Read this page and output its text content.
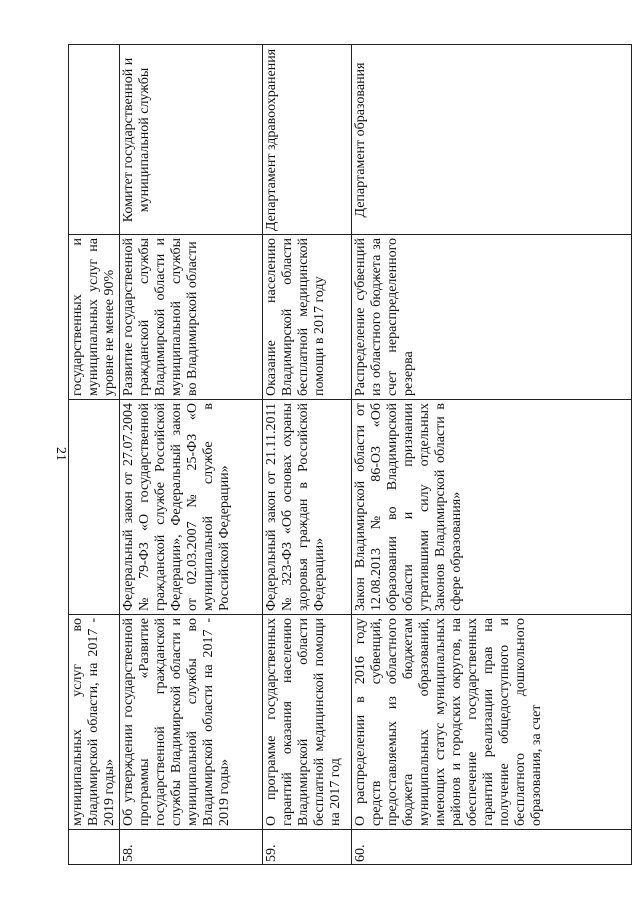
21
	муниципальных услуг во Владимирской области, на 2017 - 2019 годы»		государственных и муниципальных услуг на уровне не менее 90%	
58.	Об утверждении государственной программы «Развитие государственной гражданской службы Владимирской области и муниципальной службы во Владимирской области на 2017 - 2019 годы»	Федеральный закон от 27.07.2004 № 79-ФЗ «О государственной гражданской службе Российской Федерации», Федеральный закон от 02.03.2007 № 25-ФЗ «О муниципальной службе в Российской Федерации»	Развитие государственной гражданской службы Владимирской области и муниципальной службы во Владимирской области	Комитет государственной и муниципальной службы
59.	О программе государственных гарантий оказания населению Владимирской области бесплатной медицинской помощи на 2017 год	Федеральный закон от 21.11.2011 № 323-ФЗ «Об основах охраны здоровья граждан в Российской Федерации»	Оказание населению Владимирской области бесплатной медицинской помощи в 2017 году	Департамент здравоохранения
60.	О распределении в 2016 году средств субвенций, предоставляемых из областного бюджета бюджетам муниципальных образований, имеющих статус муниципальных районов и городских округов, на обеспечение государственных гарантий реализации прав на получение общедоступного и бесплатного дошкольного образования, за счет	Закон Владимирской области от 12.08.2013 № 86-ОЗ «Об образовании во Владимирской области и признании утратившими силу отдельных Законов Владимирской области в сфере образования»	Распределение субвенций из областного бюджета за счет нераспределенного резерва	Департамент образования
